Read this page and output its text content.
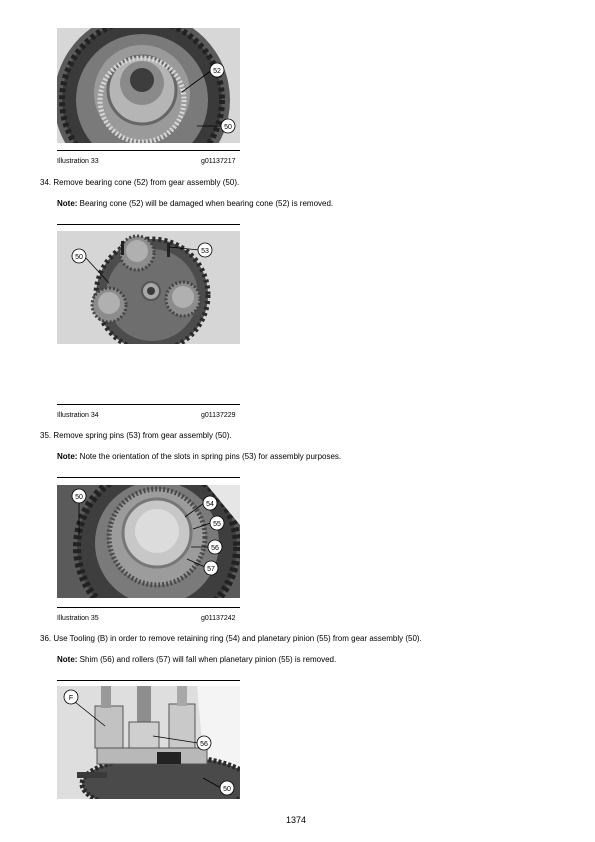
52
50
Illustration 33	g01137217
34. Remove bearing cone (52) from gear assembly (50).
Note: Bearing cone (52) will be damaged when bearing cone (52) is removed.
50
53
Illustration 34	g01137229
35. Remove spring pins (53) from gear assembly (50).
Note: Note the orientation of the slots in spring pins (53) for assembly purposes.
50
54
55
56
57
Illustration 35	g01137242
36. Use Tooling (B) in order to remove retaining ring (54) and planetary pinion (55) from gear assembly (50).
Note: Shim (56) and rollers (57) will fall when planetary pinion (55) is removed.
F
56
50
1374
